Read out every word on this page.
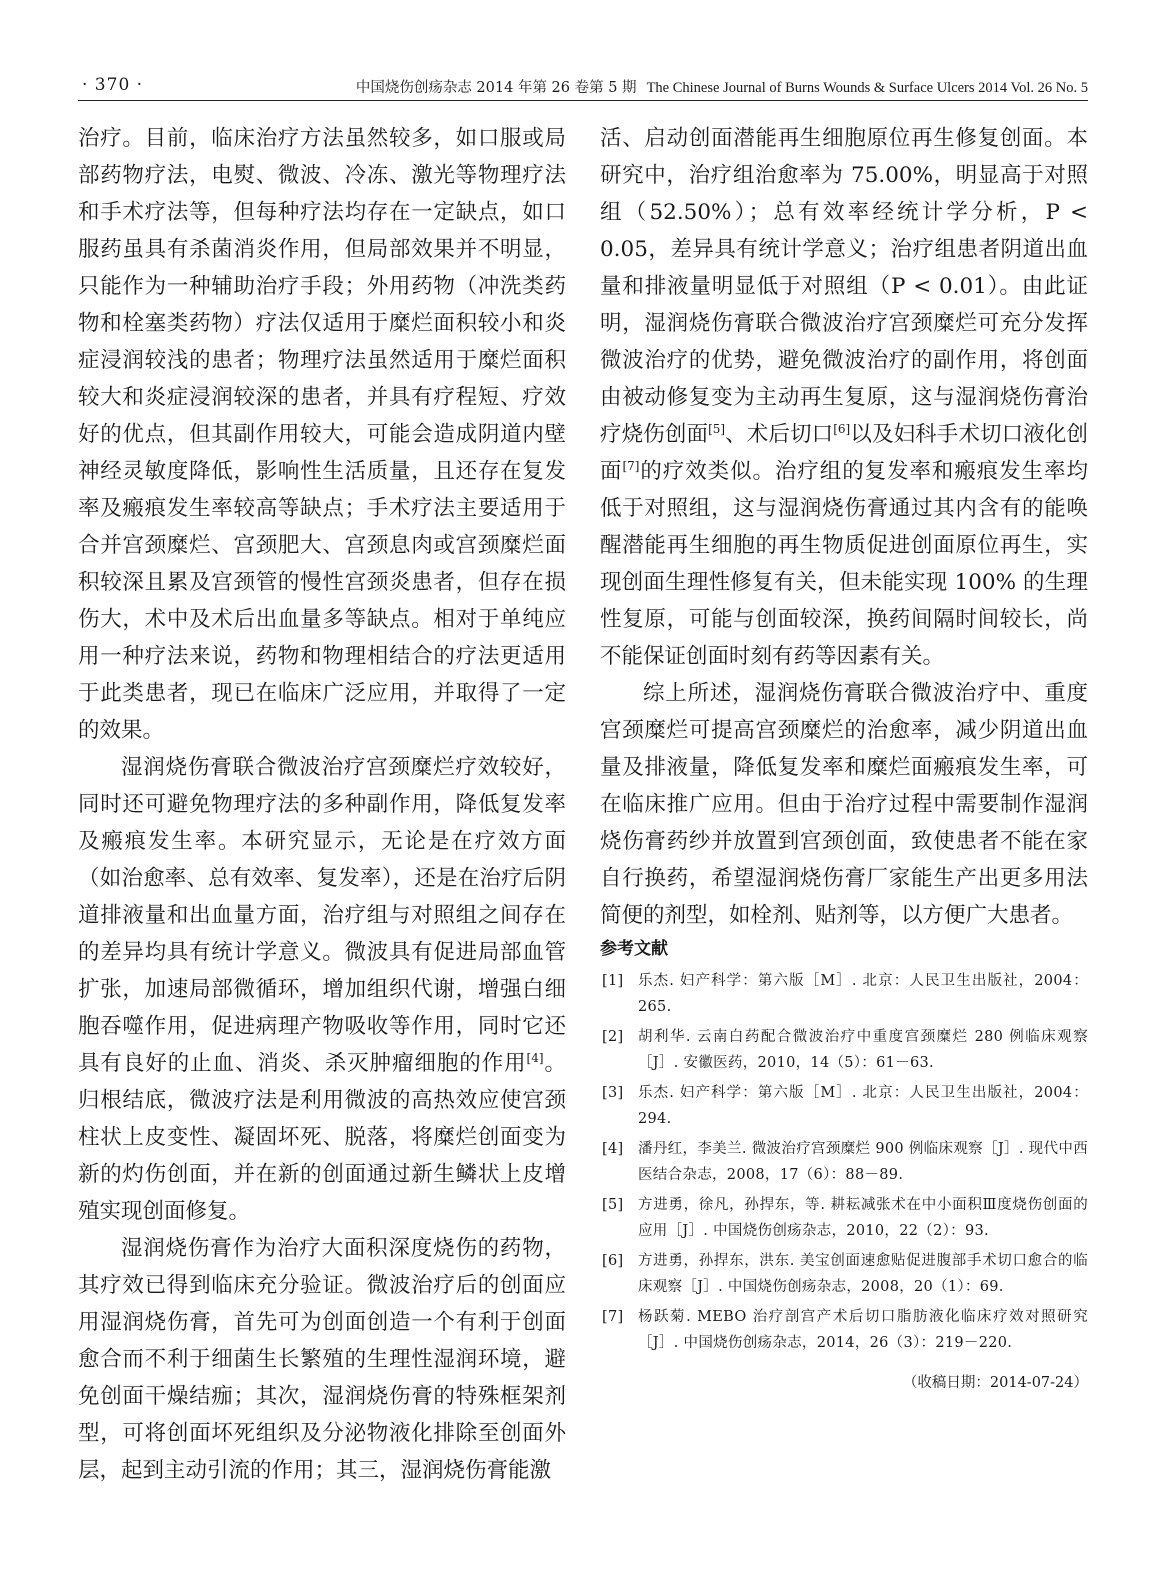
· 370 ·	中国烧伤创疡杂志 2014 年第 26 卷第 5 期 The Chinese Journal of Burns Wounds & Surface Ulcers 2014 Vol. 26 No. 5

治疗。目前，临床治疗方法虽然较多，如口服或局部药物疗法，电熨、微波、冷冻、激光等物理疗法和手术疗法等，但每种疗法均存在一定缺点，如口服药虽具有杀菌消炎作用，但局部效果并不明显，只能作为一种辅助治疗手段；外用药物（冲洗类药物和栓塞类药物）疗法仅适用于糜烂面积较小和炎症浸润较浅的患者；物理疗法虽然适用于糜烂面积较大和炎症浸润较深的患者，并具有疗程短、疗效好的优点，但其副作用较大，可能会造成阴道内壁神经灵敏度降低，影响性生活质量，且还存在复发率及瘢痕发生率较高等缺点；手术疗法主要适用于合并宫颈糜烂、宫颈肥大、宫颈息肉或宫颈糜烂面积较深且累及宫颈管的慢性宫颈炎患者，但存在损伤大，术中及术后出血量多等缺点。相对于单纯应用一种疗法来说，药物和物理相结合的疗法更适用于此类患者，现已在临床广泛应用，并取得了一定的效果。

湿润烧伤膏联合微波治疗宫颈糜烂疗效较好，同时还可避免物理疗法的多种副作用，降低复发率及瘢痕发生率。本研究显示，无论是在疗效方面（如治愈率、总有效率、复发率），还是在治疗后阴道排液量和出血量方面，治疗组与对照组之间存在的差异均具有统计学意义。微波具有促进局部血管扩张，加速局部微循环，增加组织代谢，增强白细胞吞噬作用，促进病理产物吸收等作用，同时它还具有良好的止血、消炎、杀灭肿瘤细胞的作用[4]。归根结底，微波疗法是利用微波的高热效应使宫颈柱状上皮变性、凝固坏死、脱落，将糜烂创面变为新的灼伤创面，并在新的创面通过新生鳞状上皮增殖实现创面修复。

湿润烧伤膏作为治疗大面积深度烧伤的药物，其疗效已得到临床充分验证。微波治疗后的创面应用湿润烧伤膏，首先可为创面创造一个有利于创面愈合而不利于细菌生长繁殖的生理性湿润环境，避免创面干燥结痂；其次，湿润烧伤膏的特殊框架剂型，可将创面坏死组织及分泌物液化排除至创面外层，起到主动引流的作用；其三，湿润烧伤膏能激

活、启动创面潜能再生细胞原位再生修复创面。本研究中，治疗组治愈率为 75.00%，明显高于对照组（52.50%）；总有效率经统计学分析，P < 0.05，差异具有统计学意义；治疗组患者阴道出血量和排液量明显低于对照组（P < 0.01）。由此证明，湿润烧伤膏联合微波治疗宫颈糜烂可充分发挥微波治疗的优势，避免微波治疗的副作用，将创面由被动修复变为主动再生复原，这与湿润烧伤膏治疗烧伤创面[5]、术后切口[6]以及妇科手术切口液化创面[7]的疗效类似。治疗组的复发率和瘢痕发生率均低于对照组，这与湿润烧伤膏通过其内含有的能唤醒潜能再生细胞的再生物质促进创面原位再生，实现创面生理性修复有关，但未能实现 100% 的生理性复原，可能与创面较深，换药间隔时间较长，尚不能保证创面时刻有药等因素有关。

综上所述，湿润烧伤膏联合微波治疗中、重度宫颈糜烂可提高宫颈糜烂的治愈率，减少阴道出血量及排液量，降低复发率和糜烂面瘢痕发生率，可在临床推广应用。但由于治疗过程中需要制作湿润烧伤膏药纱并放置到宫颈创面，致使患者不能在家自行换药，希望湿润烧伤膏厂家能生产出更多用法简便的剂型，如栓剂、贴剂等，以方便广大患者。

参考文献
[1] 乐杰. 妇产科学：第六版［M］. 北京：人民卫生出版社，2004：265.
[2] 胡利华. 云南白药配合微波治疗中重度宫颈糜烂 280 例临床观察［J］. 安徽医药，2010，14（5）：61－63.
[3] 乐杰. 妇产科学：第六版［M］. 北京：人民卫生出版社，2004：294.
[4] 潘丹红，李美兰. 微波治疗宫颈糜烂 900 例临床观察［J］. 现代中西医结合杂志，2008，17（6）：88－89.
[5] 方进勇，徐凡，孙捍东，等. 耕耘减张术在中小面积Ⅲ度烧伤创面的应用［J］. 中国烧伤创疡杂志，2010，22（2）：93.
[6] 方进勇，孙捍东，洪东. 美宝创面速愈贴促进腹部手术切口愈合的临床观察［J］. 中国烧伤创疡杂志，2008，20（1）：69.
[7] 杨跃菊. MEBO 治疗剖宫产术后切口脂肪液化临床疗效对照研究［J］. 中国烧伤创疡杂志，2014，26（3）：219－220.
（收稿日期：2014-07-24）
